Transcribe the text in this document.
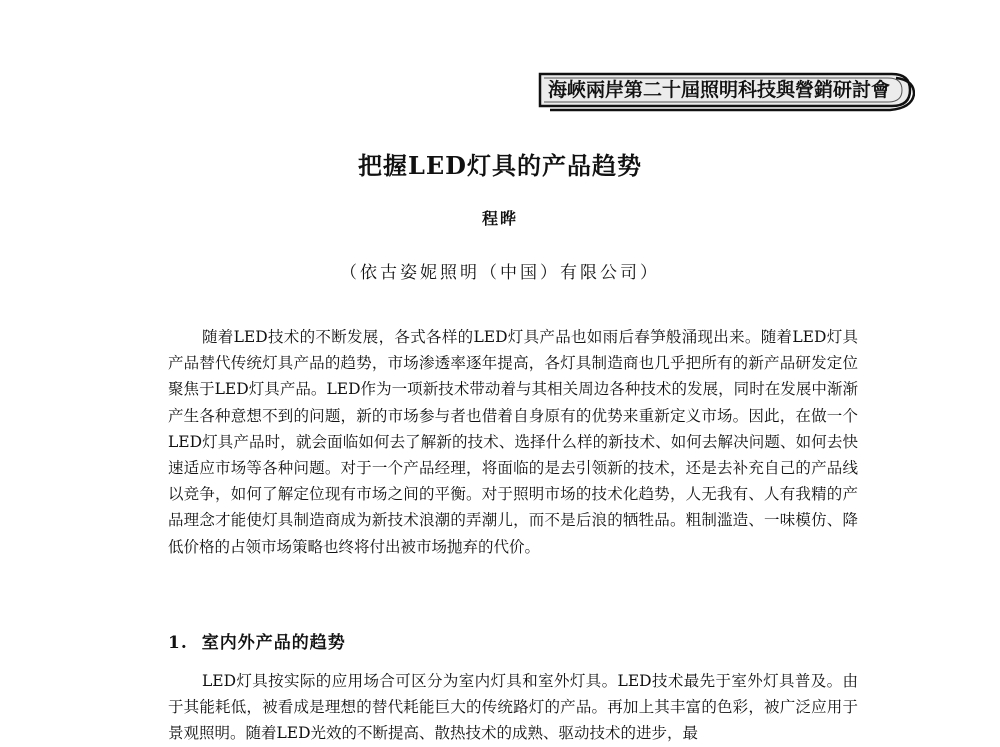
海峽兩岸第二十屆照明科技與營銷研討會
把握LED灯具的产品趋势
程晔
（依古姿妮照明（中国）有限公司）

随着LED技术的不断发展，各式各样的LED灯具产品也如雨后春笋般涌现出来。随着LED灯具产品替代传统灯具产品的趋势，市场渗透率逐年提高，各灯具制造商也几乎把所有的新产品研发定位聚焦于LED灯具产品。LED作为一项新技术带动着与其相关周边各种技术的发展，同时在发展中渐渐产生各种意想不到的问题，新的市场参与者也借着自身原有的优势来重新定义市场。因此，在做一个LED灯具产品时，就会面临如何去了解新的技术、选择什么样的新技术、如何去解决问题、如何去快速适应市场等各种问题。对于一个产品经理，将面临的是去引领新的技术，还是去补充自己的产品线以竞争，如何了解定位现有市场之间的平衡。对于照明市场的技术化趋势，人无我有、人有我精的产品理念才能使灯具制造商成为新技术浪潮的弄潮儿，而不是后浪的牺牲品。粗制滥造、一味模仿、降低价格的占领市场策略也终将付出被市场抛弃的代价。

1. 室内外产品的趋势

LED灯具按实际的应用场合可区分为室内灯具和室外灯具。LED技术最先于室外灯具普及。由于其能耗低，被看成是理想的替代耗能巨大的传统路灯的产品。再加上其丰富的色彩，被广泛应用于景观照明。随着LED光效的不断提高、散热技术的成熟、驱动技术的进步，最
